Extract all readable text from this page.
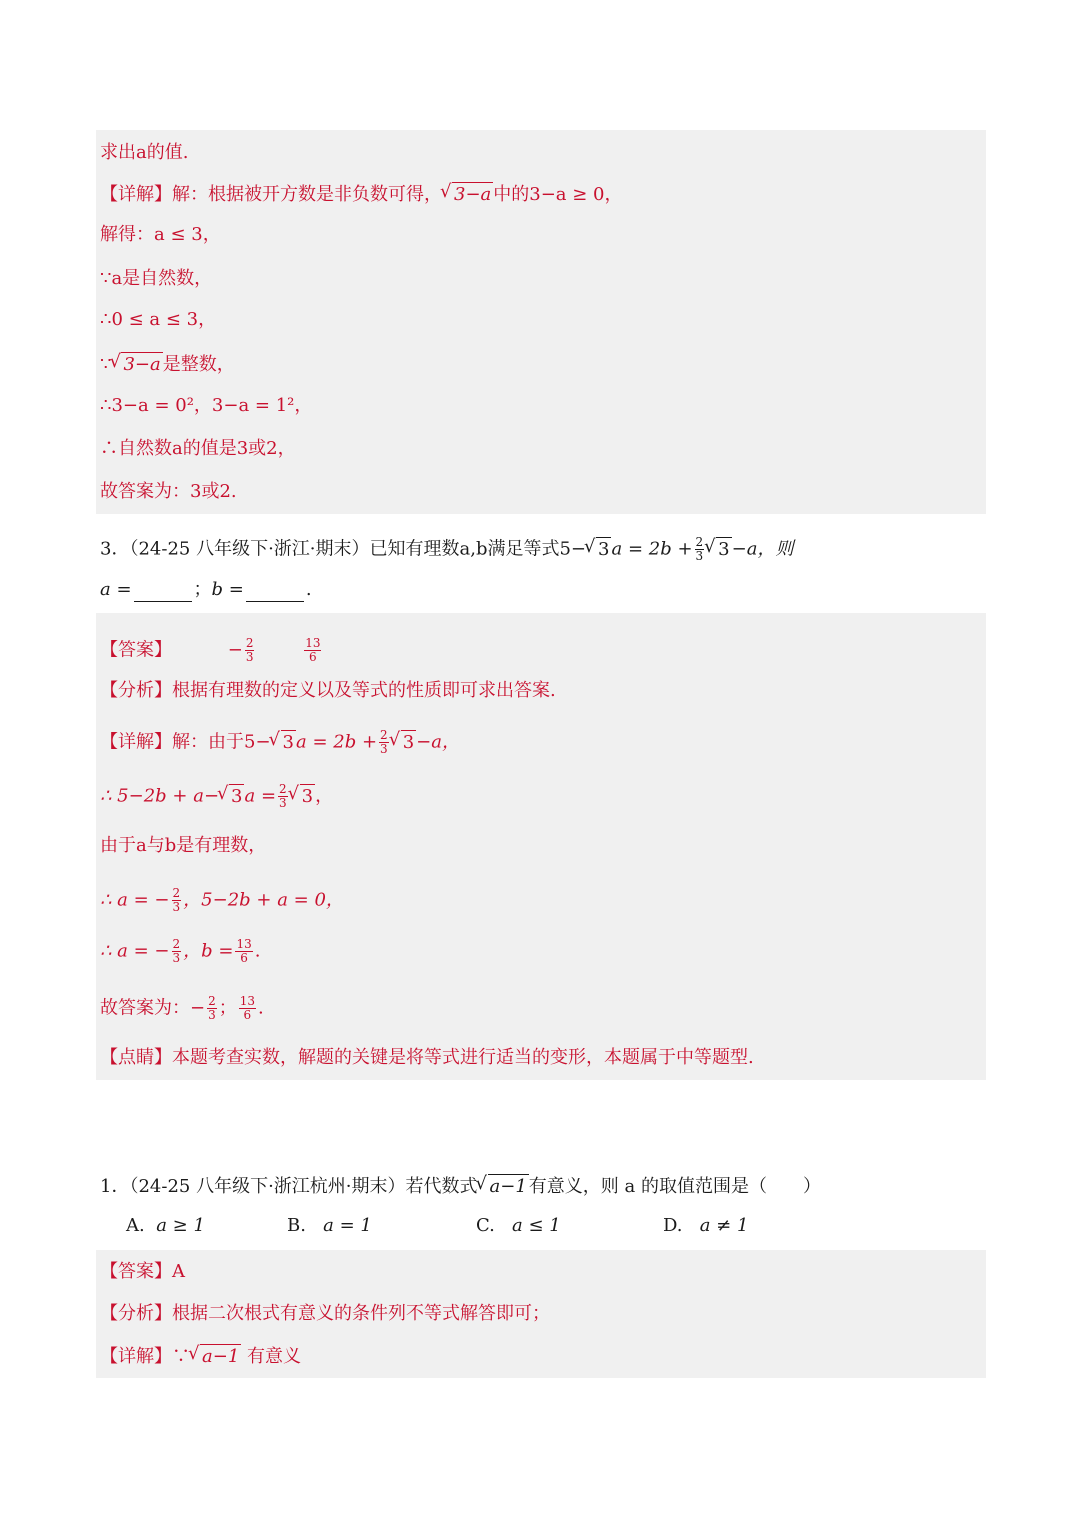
求出a的值.
【详解】解：根据被开方数是非负数可得， √ 3−a 中的3−a ≥ 0，
解得：a ≤ 3，
∵a是自然数，
∴0 ≤ a ≤ 3，
∵ √ 3−a 是整数，
∴3−a = 0²，3−a = 1²，
∴自然数a的值是3或2，
故答案为：3或2.
3．（24-25 八年级下·浙江·期末）已知有理数a,b满足等式5− √ 3 $a = 2b + \frac{2}{3}$ √ 3 −a，则
a =	；b =	.
【答案】	− $\frac{2}{3}$
	$\frac{13}{6}$
【分析】根据有理数的定义以及等式的性质即可求出答案.
【详解】解：由于5− √ 3 $a = 2b + \frac{2}{3}$ √ 3 −a，
∴ 5−2b + a− √ 3 $a = \frac{2}{3}$ √ 3 ，
由于a与b是有理数，
∴ a = − $\frac{2}{3}$ ，5−2b + a = 0，
∴ a = − $\frac{2}{3}$ ，$b = \frac{13}{6}$ .
故答案为：− $\frac{2}{3}$ ； $\frac{13}{6}$ .
【点睛】本题考查实数，解题的关键是将等式进行适当的变形，本题属于中等题型.
1．（24-25 八年级下·浙江杭州·期末）若代数式 √ a−1 有意义，则 a 的取值范围是（　　）
A. a ≥ 1	B. a = 1	C. a ≤ 1	D. a ≠ 1
【答案】A
【分析】根据二次根式有意义的条件列不等式解答即可；
【详解】∵ √ a−1 有意义
